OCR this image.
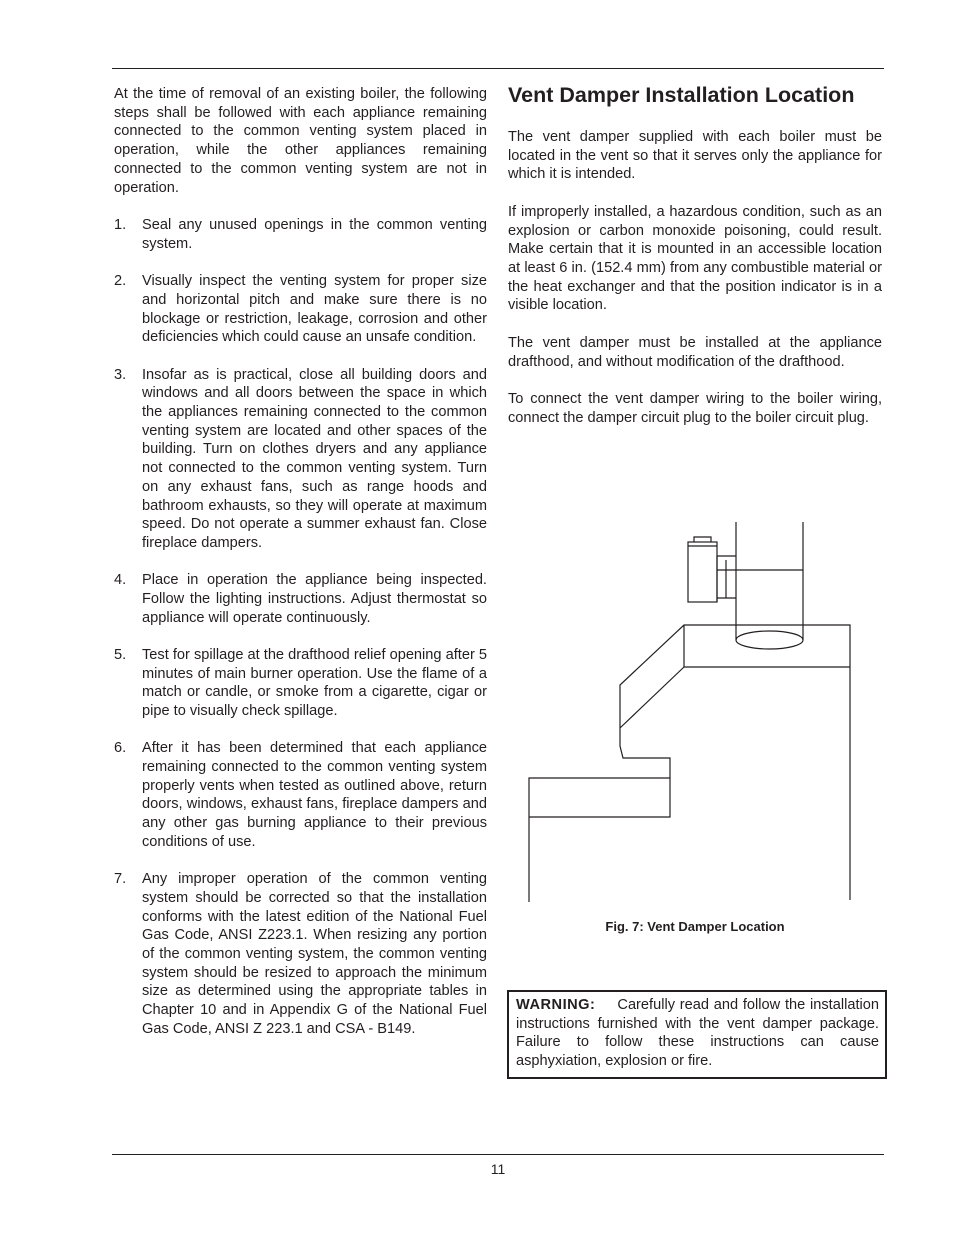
At the time of removal of an existing boiler, the following steps shall be followed with each appliance remaining connected to the common venting system placed in operation, while the other appliances remaining connected to the common venting system are not in operation.

1. Seal any unused openings in the common venting system.
2. Visually inspect the venting system for proper size and horizontal pitch and make sure there is no blockage or restriction, leakage, corrosion and other deficiencies which could cause an unsafe condition.
3. Insofar as is practical, close all building doors and windows and all doors between the space in which the appliances remaining connected to the common venting system are located and other spaces of the building. Turn on clothes dryers and any appliance not connected to the common venting system. Turn on any exhaust fans, such as range hoods and bathroom exhausts, so they will operate at maximum speed. Do not operate a summer exhaust fan. Close fireplace dampers.
4. Place in operation the appliance being inspected. Follow the lighting instructions. Adjust thermostat so appliance will operate continuously.
5. Test for spillage at the drafthood relief opening after 5 minutes of main burner operation. Use the flame of a match or candle, or smoke from a cigarette, cigar or pipe to visually check spillage.
6. After it has been determined that each appliance remaining connected to the common venting system properly vents when tested as outlined above, return doors, windows, exhaust fans, fireplace dampers and any other gas burning appliance to their previous conditions of use.
7. Any improper operation of the common venting system should be corrected so that the installation conforms with the latest edition of the National Fuel Gas Code, ANSI Z223.1. When resizing any portion of the common venting system, the common venting system should be resized to approach the minimum size as determined using the appropriate tables in Chapter 10 and in Appendix G of the National Fuel Gas Code, ANSI Z 223.1 and CSA - B149.
Vent Damper Installation Location

The vent damper supplied with each boiler must be located in the vent so that it serves only the appliance for which it is intended.

If improperly installed, a hazardous condition, such as an explosion or carbon monoxide poisoning, could result. Make certain that it is mounted in an accessible location at least 6 in. (152.4 mm) from any combustible material or the heat exchanger and that the position indicator is in a visible location.

The vent damper must be installed at the appliance drafthood, and without modification of the drafthood.

To connect the vent damper wiring to the boiler wiring, connect the damper circuit plug to the boiler circuit plug.

Fig. 7: Vent Damper Location
WARNING: Carefully read and follow the installation instructions furnished with the vent damper package. Failure to follow these instructions can cause asphyxiation, explosion or fire.
11
